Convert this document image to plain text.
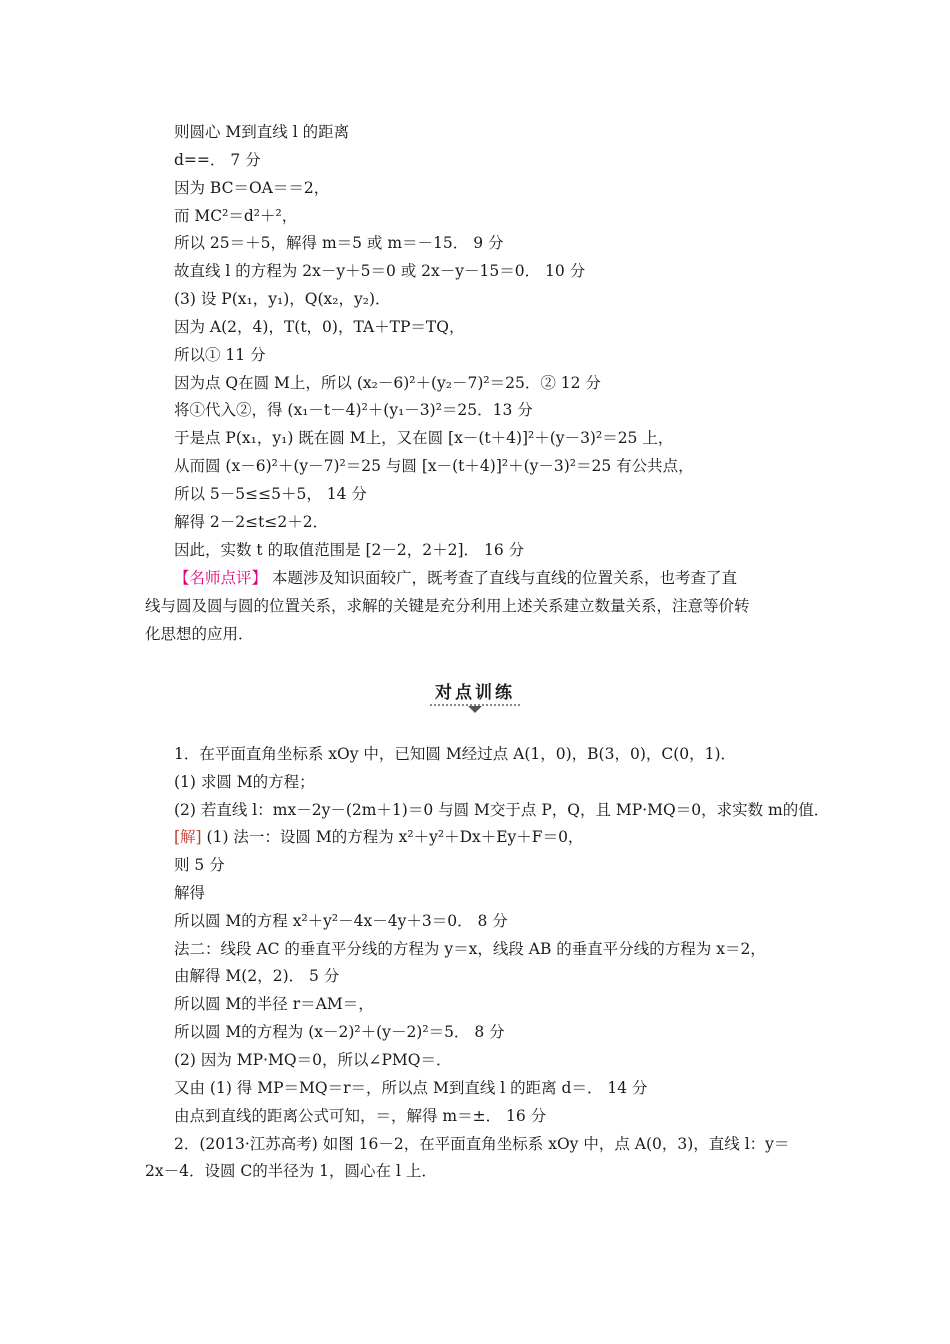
则圆心 M到直线 l 的距离
d==． 7 分
因为 BC＝OA＝＝2，
而 MC²＝d²＋²，
所以 25＝＋5，解得 m＝5 或 m＝－15． 9 分
故直线 l 的方程为 2x－y＋5＝0 或 2x－y－15＝0． 10 分
(3) 设 P(x₁，y₁)，Q(x₂，y₂)．
因为 A(2，4)，T(t，0)，TA＋TP＝TQ，
所以① 11 分
因为点 Q在圆 M上，所以 (x₂－6)²＋(y₂－7)²＝25．② 12 分
将①代入②，得 (x₁－t－4)²＋(y₁－3)²＝25．13 分
于是点 P(x₁，y₁) 既在圆 M上，又在圆 [x－(t＋4)]²＋(y－3)²＝25 上，
从而圆 (x－6)²＋(y－7)²＝25 与圆 [x－(t＋4)]²＋(y－3)²＝25 有公共点，
所以 5－5≤≤5＋5， 14 分
解得 2－2≤t≤2＋2．
因此，实数 t 的取值范围是 [2－2，2＋2]． 16 分
【名师点评】 本题涉及知识面较广，既考查了直线与直线的位置关系，也考查了直
线与圆及圆与圆的位置关系，求解的关键是充分利用上述关系建立数量关系，注意等价转
化思想的应用．
对点训练
1．在平面直角坐标系 xOy 中，已知圆 M经过点 A(1，0)，B(3，0)，C(0，1)．
(1) 求圆 M的方程；
(2) 若直线 l：mx－2y－(2m＋1)＝0 与圆 M交于点 P，Q，且 MP·MQ＝0，求实数 m的值．
[解] (1) 法一：设圆 M的方程为 x²＋y²＋Dx＋Ey＋F＝0，
则 5 分
解得
所以圆 M的方程 x²＋y²－4x－4y＋3＝0． 8 分
法二：线段 AC 的垂直平分线的方程为 y＝x，线段 AB 的垂直平分线的方程为 x＝2，
由解得 M(2，2)． 5 分
所以圆 M的半径 r＝AM＝，
所以圆 M的方程为 (x－2)²＋(y－2)²＝5． 8 分
(2) 因为 MP·MQ＝0，所以∠PMQ＝．
又由 (1) 得 MP＝MQ＝r＝，所以点 M到直线 l 的距离 d＝． 14 分
由点到直线的距离公式可知，＝，解得 m＝±． 16 分
2．(2013·江苏高考) 如图 16－2，在平面直角坐标系 xOy 中，点 A(0，3)，直线 l：y＝
2x－4．设圆 C的半径为 1，圆心在 l 上．
